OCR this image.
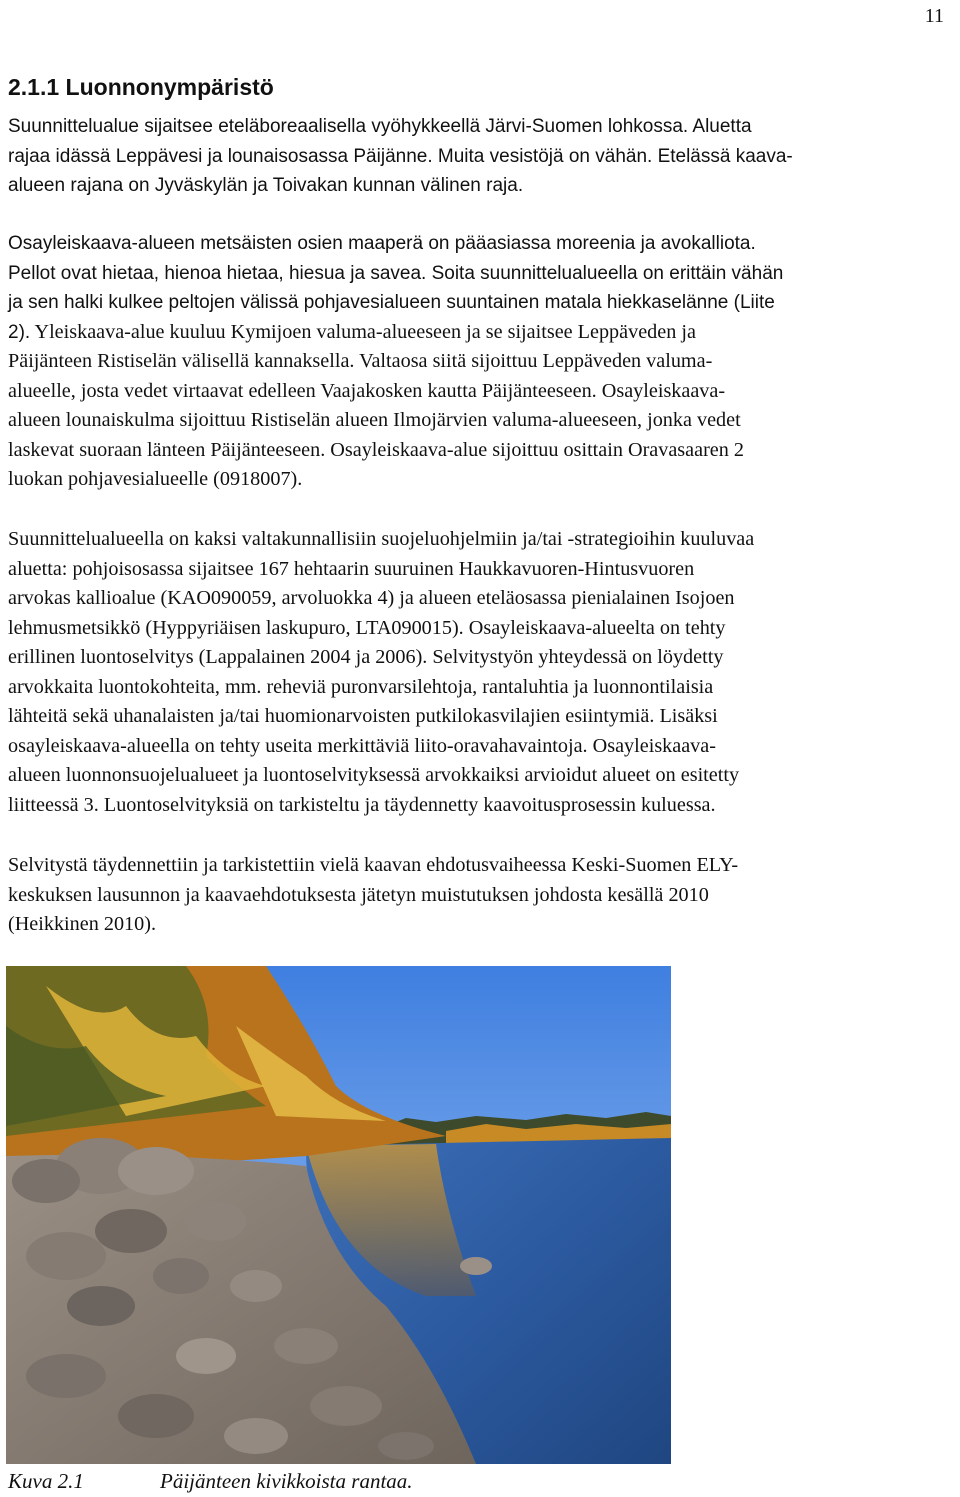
11
2.1.1 Luonnonympäristö

Suunnittelualue sijaitsee eteläboreaalisella vyöhykkeellä Järvi-Suomen lohkossa. Aluetta
rajaa idässä Leppävesi ja lounaisosassa Päijänne. Muita vesistöjä on vähän. Etelässä kaava-
alueen rajana on Jyväskylän ja Toivakan kunnan välinen raja.

Osayleiskaava-alueen metsäisten osien maaperä on pääasiassa moreenia ja avokalliota.
Pellot ovat hietaa, hienoa hietaa, hiesua ja savea. Soita suunnittelualueella on erittäin vähän
ja sen halki kulkee peltojen välissä pohjavesialueen suuntainen matala hiekkaselänne (Liite
2). Yleiskaava-alue kuuluu Kymijoen valuma-alueeseen ja se sijaitsee Leppäveden ja
Päijänteen Ristiselän välisellä kannaksella. Valtaosa siitä sijoittuu Leppäveden valuma-
alueelle, josta vedet virtaavat edelleen Vaajakosken kautta Päijänteeseen. Osayleiskaava-
alueen lounaiskulma sijoittuu Ristiselän alueen Ilmojärvien valuma-alueeseen, jonka vedet
laskevat suoraan länteen Päijänteeseen. Osayleiskaava-alue sijoittuu osittain Oravasaaren 2
luokan pohjavesialueelle (0918007).

Suunnittelualueella on kaksi valtakunnallisiin suojeluohjelmiin ja/tai -strategioihin kuuluvaa
aluetta: pohjoisosassa sijaitsee 167 hehtaarin suuruinen Haukkavuoren-Hintusvuoren
arvokas kallioalue (KAO090059, arvoluokka 4) ja alueen eteläosassa pienialainen Isojoen
lehmusmetsikkö (Hyppyriäisen laskupuro, LTA090015). Osayleiskaava-alueelta on tehty
erillinen luontoselvitys (Lappalainen 2004 ja 2006). Selvitystyön yhteydessä on löydetty
arvokkaita luontokohteita, mm. reheviä puronvarsilehtoja, rantaluhtia ja luonnontilaisia
lähteitä sekä uhanalaisten ja/tai huomionarvoisten putkilokasvilajien esiintymiä. Lisäksi
osayleiskaava-alueella on tehty useita merkittäviä liito-oravahavaintoja. Osayleiskaava-
alueen luonnonsuojelualueet ja luontoselvityksessä arvokkaiksi arvioidut alueet on esitetty
liitteessä 3. Luontoselvityksiä on tarkisteltu ja täydennetty kaavoitusprosessin kuluessa.

Selvitystä täydennettiin ja tarkistettiin vielä kaavan ehdotusvaiheessa Keski-Suomen ELY-
keskuksen lausunnon ja kaavaehdotuksesta jätetyn muistutuksen johdosta kesällä 2010
(Heikkinen 2010).

Kuva 2.1	Päijänteen kivikkoista rantaa.
